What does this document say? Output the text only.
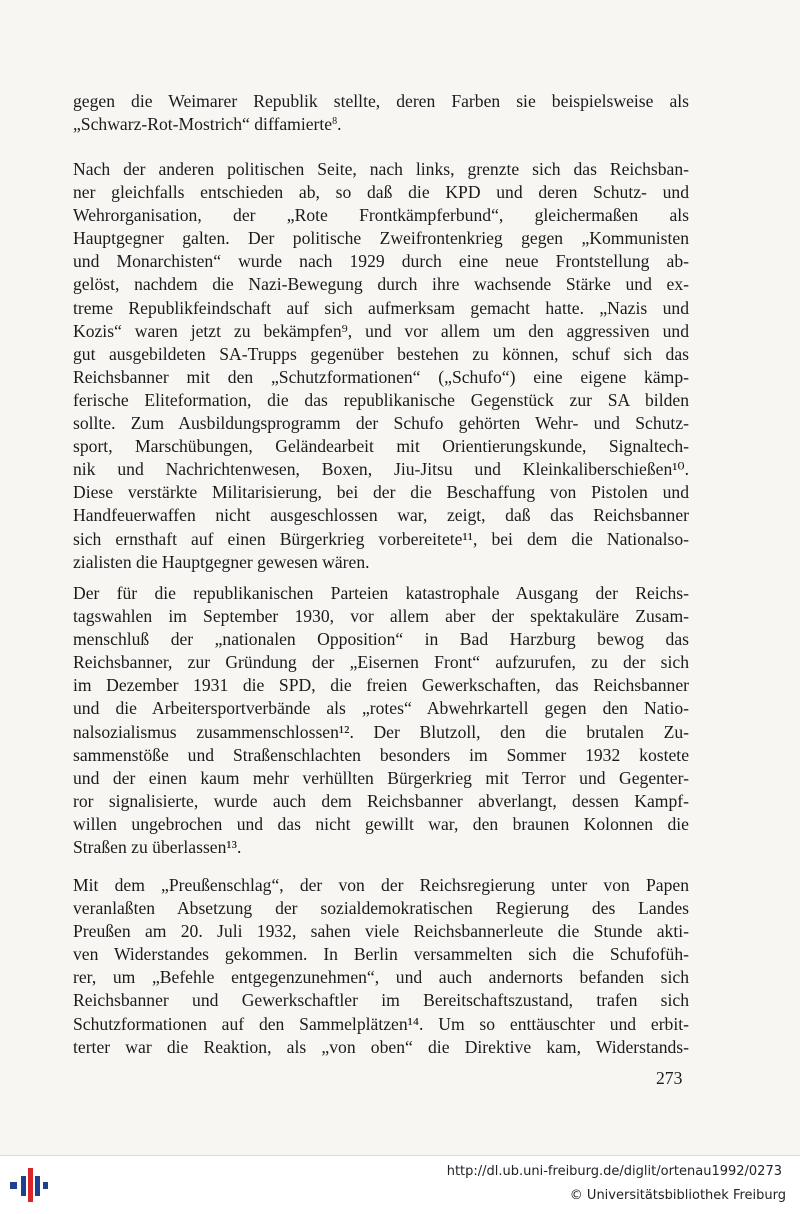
gegen die Weimarer Republik stellte, deren Farben sie beispielsweise als
„Schwarz-Rot-Mostrich“ diffamierte$^8$.
Nach der anderen politischen Seite, nach links, grenzte sich das Reichsban-
ner gleichfalls entschieden ab, so daß die KPD und deren Schutz- und
Wehrorganisation, der „Rote Frontkämpferbund“, gleichermaßen als
Hauptgegner galten. Der politische Zweifrontenkrieg gegen „Kommunisten
und Monarchisten“ wurde nach 1929 durch eine neue Frontstellung ab-
gelöst, nachdem die Nazi-Bewegung durch ihre wachsende Stärke und ex-
treme Republikfeindschaft auf sich aufmerksam gemacht hatte. „Nazis und
Kozis“ waren jetzt zu bekämpfen⁹, und vor allem um den aggressiven und
gut ausgebildeten SA-Trupps gegenüber bestehen zu können, schuf sich das
Reichsbanner mit den „Schutzformationen“ („Schufo“) eine eigene kämp-
ferische Eliteformation, die das republikanische Gegenstück zur SA bilden
sollte. Zum Ausbildungsprogramm der Schufo gehörten Wehr- und Schutz-
sport, Marschübungen, Geländearbeit mit Orientierungskunde, Signaltech-
nik und Nachrichtenwesen, Boxen, Jiu-Jitsu und Kleinkaliberschießen¹⁰.
Diese verstärkte Militarisierung, bei der die Beschaffung von Pistolen und
Handfeuerwaffen nicht ausgeschlossen war, zeigt, daß das Reichsbanner
sich ernsthaft auf einen Bürgerkrieg vorbereitete¹¹, bei dem die Nationalso-
zialisten die Hauptgegner gewesen wären.
Der für die republikanischen Parteien katastrophale Ausgang der Reichs-
tagswahlen im September 1930, vor allem aber der spektakuläre Zusam-
menschluß der „nationalen Opposition“ in Bad Harzburg bewog das
Reichsbanner, zur Gründung der „Eisernen Front“ aufzurufen, zu der sich
im Dezember 1931 die SPD, die freien Gewerkschaften, das Reichsbanner
und die Arbeitersportverbände als „rotes“ Abwehrkartell gegen den Natio-
nalsozialismus zusammenschlossen¹². Der Blutzoll, den die brutalen Zu-
sammenstöße und Straßenschlachten besonders im Sommer 1932 kostete
und der einen kaum mehr verhüllten Bürgerkrieg mit Terror und Gegenter-
ror signalisierte, wurde auch dem Reichsbanner abverlangt, dessen Kampf-
willen ungebrochen und das nicht gewillt war, den braunen Kolonnen die
Straßen zu überlassen¹³.
Mit dem „Preußenschlag“, der von der Reichsregierung unter von Papen
veranlaßten Absetzung der sozialdemokratischen Regierung des Landes
Preußen am 20. Juli 1932, sahen viele Reichsbannerleute die Stunde akti-
ven Widerstandes gekommen. In Berlin versammelten sich die Schufofüh-
rer, um „Befehle entgegenzunehmen“, und auch andernorts befanden sich
Reichsbanner und Gewerkschaftler im Bereitschaftszustand, trafen sich
Schutzformationen auf den Sammelplätzen¹⁴. Um so enttäuschter und erbit-
terter war die Reaktion, als „von oben“ die Direktive kam, Widerstands-
273
http://dl.ub.uni-freiburg.de/diglit/ortenau1992/0273
© Universitätsbibliothek Freiburg
